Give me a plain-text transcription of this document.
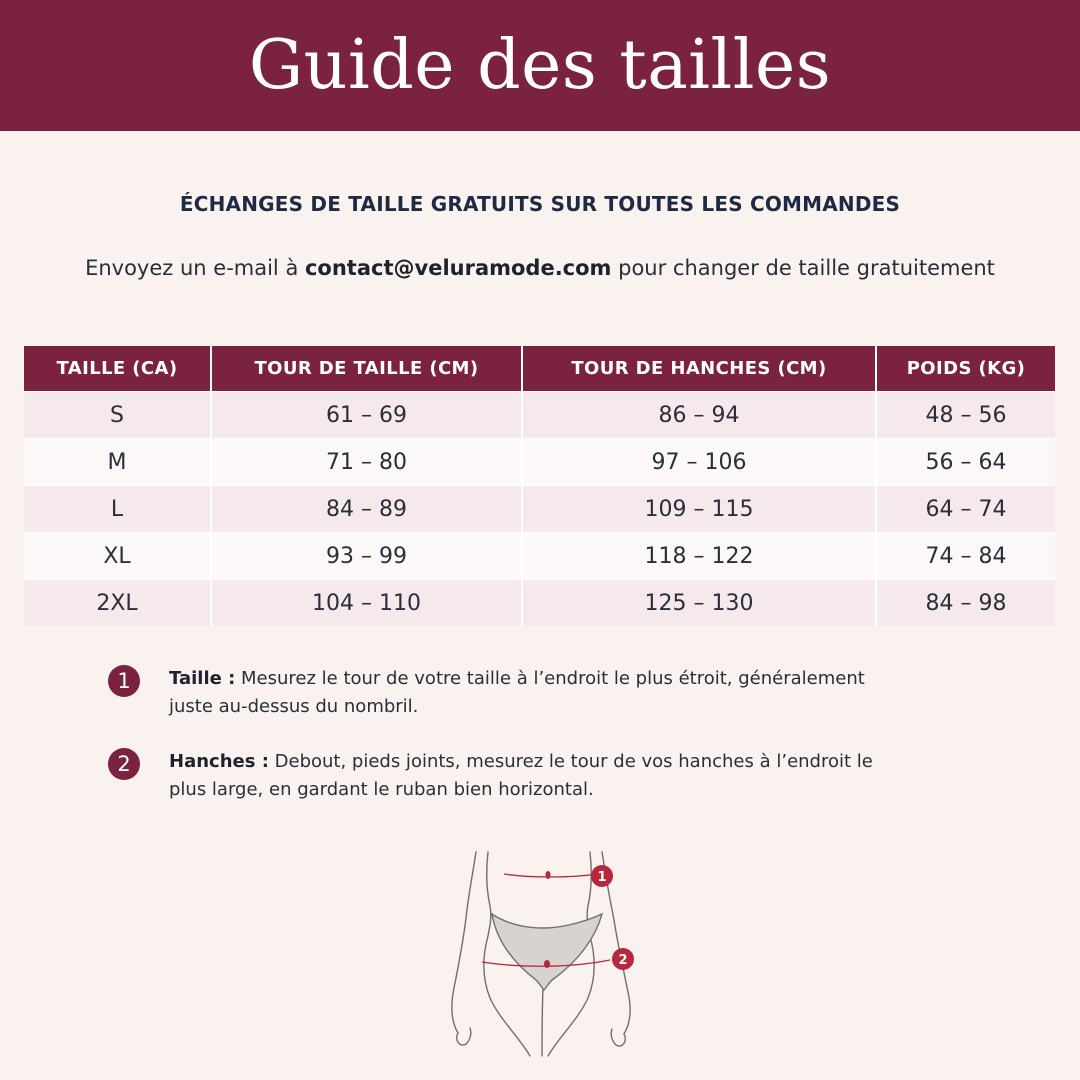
Guide des tailles
ÉCHANGES DE TAILLE GRATUITS SUR TOUTES LES COMMANDES
Envoyez un e-mail à contact@veluramode.com pour changer de taille gratuitement
TAILLE (CA)	TOUR DE TAILLE (CM)	TOUR DE HANCHES (CM)	POIDS (KG)
S	61 – 69	86 – 94	48 – 56
M	71 – 80	97 – 106	56 – 64
L	84 – 89	109 – 115	64 – 74
XL	93 – 99	118 – 122	74 – 84
2XL	104 – 110	125 – 130	84 – 98
1	Taille : Mesurez le tour de votre taille à l’endroit le plus étroit, généralement juste au-dessus du nombril.
2	Hanches : Debout, pieds joints, mesurez le tour de vos hanches à l’endroit le plus large, en gardant le ruban bien horizontal.
1
2
